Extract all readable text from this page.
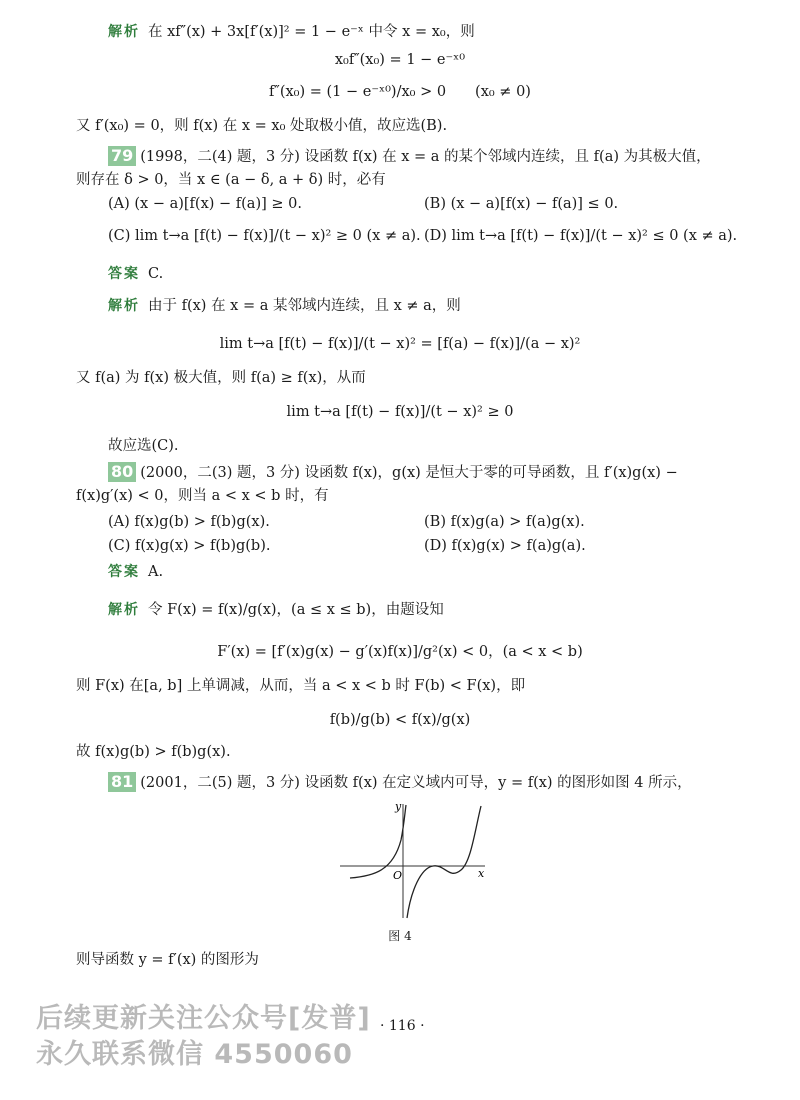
解析 在 xf″(x) + 3x[f′(x)]² = 1 − e⁻ˣ 中令 x = x₀，则
x₀f″(x₀) = 1 − e⁻ˣ⁰
f″(x₀) = (1 − e⁻ˣ⁰)/x₀ > 0　　(x₀ ≠ 0)
又 f′(x₀) = 0，则 f(x) 在 x = x₀ 处取极小值，故应选(B).
79 (1998，二(4) 题，3 分) 设函数 f(x) 在 x = a 的某个邻域内连续，且 f(a) 为其极大值，
则存在 δ > 0，当 x ∈ (a − δ, a + δ) 时，必有
(A) (x − a)[f(x) − f(a)] ≥ 0.	(B) (x − a)[f(x) − f(a)] ≤ 0.
(C) lim t→a [f(t) − f(x)]/(t − x)² ≥ 0 (x ≠ a). (D) lim t→a [f(t) − f(x)]/(t − x)² ≤ 0 (x ≠ a).
答案 C.
解析 由于 f(x) 在 x = a 某邻域内连续，且 x ≠ a，则
lim t→a [f(t) − f(x)]/(t − x)² = [f(a) − f(x)]/(a − x)²
又 f(a) 为 f(x) 极大值，则 f(a) ≥ f(x)，从而
lim t→a [f(t) − f(x)]/(t − x)² ≥ 0
故应选(C).
80 (2000，二(3) 题，3 分) 设函数 f(x)，g(x) 是恒大于零的可导函数，且 f′(x)g(x) −
f(x)g′(x) < 0，则当 a < x < b 时，有
(A) f(x)g(b) > f(b)g(x).	(B) f(x)g(a) > f(a)g(x).
(C) f(x)g(x) > f(b)g(b).	(D) f(x)g(x) > f(a)g(a).
答案 A.
解析 令 F(x) = f(x)/g(x)，(a ≤ x ≤ b)，由题设知
F′(x) = [f′(x)g(x) − g′(x)f(x)]/g²(x) < 0，(a < x < b)
则 F(x) 在[a, b] 上单调减，从而，当 a < x < b 时 F(b) < F(x)，即
f(b)/g(b) < f(x)/g(x)
故 f(x)g(b) > f(b)g(x).
81 (2001，二(5) 题，3 分) 设函数 f(x) 在定义域内可导，y = f(x) 的图形如图 4 所示，
y
x
O
图 4
则导函数 y = f′(x) 的图形为
后续更新关注公众号[发普] · 116 ·
永久联系微信 4550060
